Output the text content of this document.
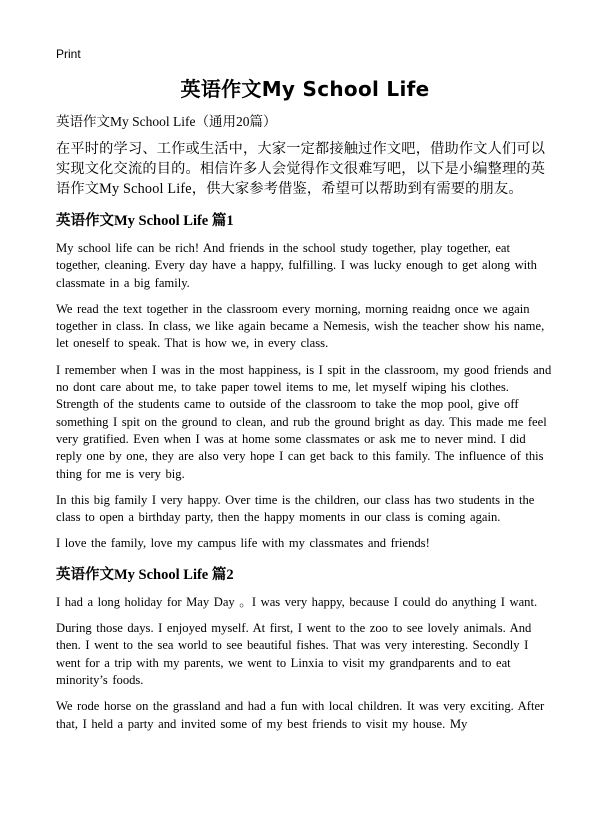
Print
英语作文My School Life

英语作文My School Life（通用20篇）

在平时的学习、工作或生活中，大家一定都接触过作文吧，借助作文人们可以实现文化交流的目的。相信许多人会觉得作文很难写吧，以下是小编整理的英语作文My School Life，供大家参考借鉴，希望可以帮助到有需要的朋友。

英语作文My School Life 篇1

My school life can be rich! And friends in the school study together, play together, eat together, cleaning. Every day have a happy, fulfilling. I was lucky enough to get along with classmate in a big family.

We read the text together in the classroom every morning, morning reaidng once we again together in class. In class, we like again became a Nemesis, wish the teacher show his name, let oneself to speak. That is how we, in every class.

I remember when I was in the most happiness, is I spit in the classroom, my good friends and no dont care about me, to take paper towel items to me, let myself wiping his clothes. Strength of the students came to outside of the classroom to take the mop pool, give off something I spit on the ground to clean, and rub the ground bright as day. This made me feel very gratified. Even when I was at home some classmates or ask me to never mind. I did reply one by one, they are also very hope I can get back to this family. The influence of this thing for me is very big.

In this big family I very happy. Over time is the children, our class has two students in the class to open a birthday party, then the happy moments in our class is coming again.

I love the family, love my campus life with my classmates and friends!

英语作文My School Life 篇2

I had a long holiday for May Day 。I was very happy, because I could do anything I want.

During those days. I enjoyed myself. At first, I went to the zoo to see lovely animals. And then. I went to the sea world to see beautiful fishes. That was very interesting. Secondly I went for a trip with my parents, we went to Linxia to visit my grandparents and to eat minority’s foods.

We rode horse on the grassland and had a fun with local children. It was very exciting. After that, I held a party and invited some of my best friends to visit my house. My
